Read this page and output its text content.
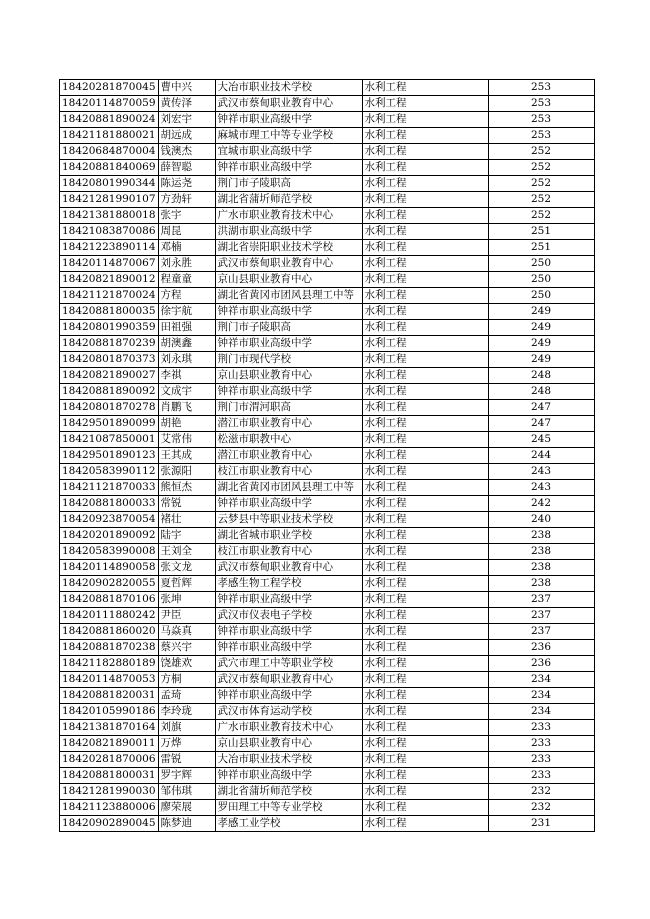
18420281870045	曹中兴	大冶市职业技术学校	水利工程	253
18420114870059	黄传泽	武汉市蔡甸职业教育中心	水利工程	253
18420881890024	刘宏宇	钟祥市职业高级中学	水利工程	253
18421181880021	胡远成	麻城市理工中等专业学校	水利工程	253
18420684870004	钱澳杰	宜城市职业高级中学	水利工程	252
18420881840069	薛智聪	钟祥市职业高级中学	水利工程	252
18420801990344	陈运尧	荆门市子陵职高	水利工程	252
18421281990107	方劲轩	湖北省蒲圻师范学校	水利工程	252
18421381880018	张宇	广水市职业教育技术中心	水利工程	252
18421083870086	周昆	洪湖市职业高级中学	水利工程	251
18421223890114	邓楠	湖北省崇阳职业技术学校	水利工程	251
18420114870067	刘永胜	武汉市蔡甸职业教育中心	水利工程	250
18420821890012	程童童	京山县职业教育中心	水利工程	250
18421121870024	方程	湖北省黄冈市团风县理工中等	水利工程	250
18420881800035	徐宇航	钟祥市职业高级中学	水利工程	249
18420801990359	田祖强	荆门市子陵职高	水利工程	249
18420881870239	胡澳鑫	钟祥市职业高级中学	水利工程	249
18420801870373	刘永琪	荆门市现代学校	水利工程	249
18420821890027	李祺	京山县职业教育中心	水利工程	248
18420881890092	文成宇	钟祥市职业高级中学	水利工程	248
18420801870278	肖鹏飞	荆门市渭河职高	水利工程	247
18429501890099	胡艳	潜江市职业教育中心	水利工程	247
18421087850001	艾常伟	松滋市职教中心	水利工程	245
18429501890123	王其成	潜江市职业教育中心	水利工程	244
18420583990112	张源阳	枝江市职业教育中心	水利工程	243
18421121870033	熊恒杰	湖北省黄冈市团风县理工中等	水利工程	243
18420881800033	常锐	钟祥市职业高级中学	水利工程	242
18420923870054	褚壮	云梦县中等职业技术学校	水利工程	240
18420201890092	陆宇	湖北省城市职业学校	水利工程	238
18420583990008	王刘全	枝江市职业教育中心	水利工程	238
18420114890058	张文龙	武汉市蔡甸职业教育中心	水利工程	238
18420902820055	夏哲辉	孝感生物工程学校	水利工程	238
18420881870106	张坤	钟祥市职业高级中学	水利工程	237
18420111880242	尹臣	武汉市仪表电子学校	水利工程	237
18420881860020	马焱真	钟祥市职业高级中学	水利工程	237
18420881870238	蔡兴宇	钟祥市职业高级中学	水利工程	236
18421182880189	饶雄欢	武穴市理工中等职业学校	水利工程	236
18420114870053	方桐	武汉市蔡甸职业教育中心	水利工程	234
18420881820031	孟琦	钟祥市职业高级中学	水利工程	234
18420105990186	李玲珑	武汉市体育运动学校	水利工程	234
18421381870164	刘旗	广水市职业教育技术中心	水利工程	233
18420821890011	万烨	京山县职业教育中心	水利工程	233
18420281870006	雷锐	大冶市职业技术学校	水利工程	233
18420881800031	罗宇辉	钟祥市职业高级中学	水利工程	233
18421281990030	邹伟琪	湖北省蒲圻师范学校	水利工程	232
18421123880006	廖荣展	罗田理工中等专业学校	水利工程	232
18420902890045	陈梦迪	孝感工业学校	水利工程	231
